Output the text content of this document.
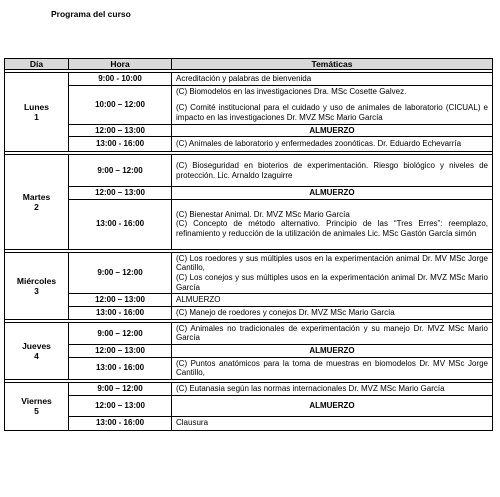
Programa del curso
Día	Hora	Temáticas

Lunes
1	9:00 - 10:00	Acreditación y palabras de bienvenida

	10:00 – 12:00	(C) Biomodelos en las investigaciones Dra. MSc Cosette Galvez.
(C) Comité institucional para el cuidado y uso de animales de laboratorio (CICUAL) e impacto en las investigaciones Dr. MVZ MSc Mario García

	12:00 – 13:00	ALMUERZO

	13:00 - 16:00	(C) Animales de laboratorio y enfermedades zoonóticas. Dr. Eduardo Echevarría

Martes
2	9:00 – 12:00	(C) Bioseguridad en bioterios de experimentación. Riesgo biológico y niveles de protección. Lic. Arnaldo Izaguirre

	12:00 – 13:00	ALMUERZO

	13:00 - 16:00	(C) Bienestar Animal. Dr. MVZ MSc Mario García
(C) Concepto de método alternativo. Principio de las “Tres Erres”: reemplazo, refinamiento y reducción de la utilización de animales Lic. MSc Gastón García simón

Miércoles
3	9:00 – 12:00	(C) Los roedores y sus múltiples usos en la experimentación animal Dr. MV MSc Jorge Cantillo,
(C) Los conejos y sus múltiples usos en la experimentación animal Dr. MVZ MSc Mario García

	12:00 – 13:00	ALMUERZO

	13:00 - 16:00	(C) Manejo de roedores y conejos Dr. MVZ MSc Mario García

Jueves
4	9:00 – 12:00	(C) Animales no tradicionales de experimentación y su manejo Dr. MVZ MSc Mario García

	12:00 – 13:00	ALMUERZO

	13:00 - 16:00	(C) Puntos anatómicos para la toma de muestras en biomodelos Dr. MV MSc Jorge Cantillo,

Viernes
5	9:00 – 12:00	(C) Eutanasia según las normas internacionales Dr. MVZ MSc Mario García

	12:00 – 13:00	ALMUERZO

	13:00 - 16:00	Clausura
